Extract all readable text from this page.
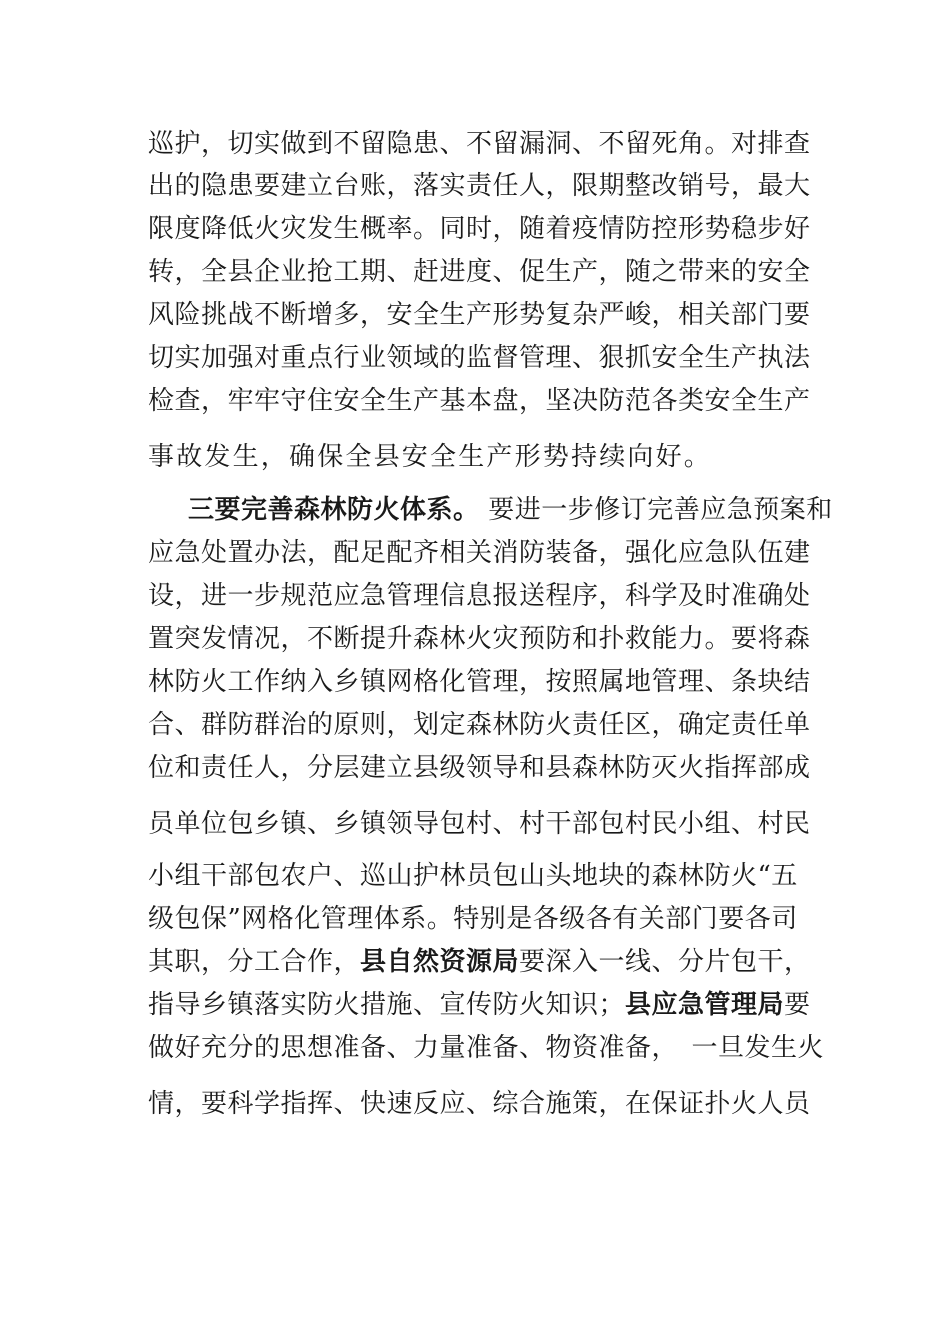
巡护，切实做到不留隐患、不留漏洞、不留死角。对排查
出的隐患要建立台账，落实责任人，限期整改销号，最大
限度降低火灾发生概率。同时，随着疫情防控形势稳步好
转，全县企业抢工期、赶进度、促生产，随之带来的安全
风险挑战不断增多，安全生产形势复杂严峻，相关部门要
切实加强对重点行业领域的监督管理、狠抓安全生产执法
检查，牢牢守住安全生产基本盘，坚决防范各类安全生产
事故发生，确保全县安全生产形势持续向好。
三要完善森林防火体系。 要进一步修订完善应急预案和
应急处置办法，配足配齐相关消防装备，强化应急队伍建
设，进一步规范应急管理信息报送程序，科学及时准确处
置突发情况，不断提升森林火灾预防和扑救能力。要将森
林防火工作纳入乡镇网格化管理，按照属地管理、条块结
合、群防群治的原则，划定森林防火责任区，确定责任单
位和责任人，分层建立县级领导和县森林防灭火指挥部成
员单位包乡镇、乡镇领导包村、村干部包村民小组、村民
小组干部包农户、巡山护林员包山头地块的森林防火“五
级包保”网格化管理体系。特别是各级各有关部门要各司
其职，分工合作，县自然资源局要深入一线、分片包干，
指导乡镇落实防火措施、宣传防火知识；县应急管理局要
做好充分的思想准备、力量准备、物资准备，　一旦发生火
情，要科学指挥、快速反应、综合施策，在保证扑火人员
